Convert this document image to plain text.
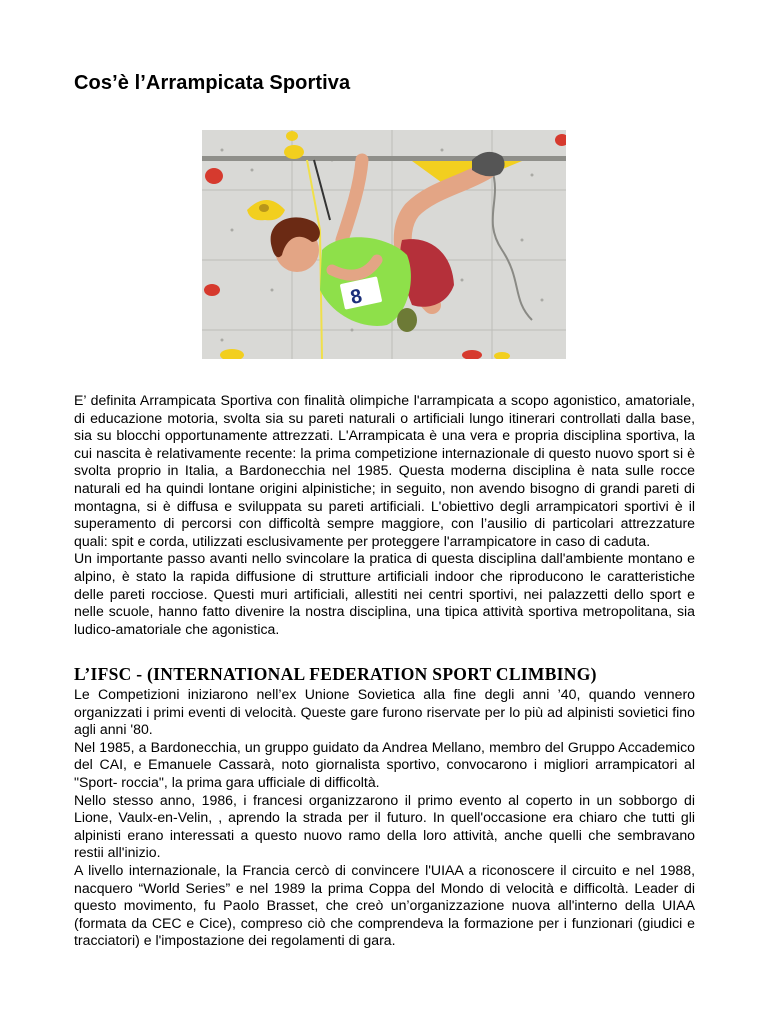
Cos’è l’Arrampicata Sportiva
8

E’ definita Arrampicata Sportiva con finalità olimpiche l'arrampicata a scopo agonistico, amatoriale, di educazione motoria, svolta sia su pareti naturali o artificiali lungo itinerari controllati dalla base, sia su blocchi opportunamente attrezzati. L'Arrampicata è una vera e propria disciplina sportiva, la cui nascita è relativamente recente: la prima competizione internazionale di questo nuovo sport si è svolta proprio in Italia, a Bardonecchia nel 1985. Questa moderna disciplina è nata sulle rocce naturali ed ha quindi lontane origini alpinistiche; in seguito, non avendo bisogno di grandi pareti di montagna, si è diffusa e sviluppata su pareti artificiali. L'obiettivo degli arrampicatori sportivi è il superamento di percorsi con difficoltà sempre maggiore, con l’ausilio di particolari attrezzature quali: spit e corda, utilizzati esclusivamente per proteggere l'arrampicatore in caso di caduta.

Un importante passo avanti nello svincolare la pratica di questa disciplina dall'ambiente montano e alpino, è stato la rapida diffusione di strutture artificiali indoor che riproducono le caratteristiche delle pareti rocciose. Questi muri artificiali, allestiti nei centri sportivi, nei palazzetti dello sport e nelle scuole, hanno fatto divenire la nostra disciplina, una tipica attività sportiva metropolitana, sia ludico-amatoriale che agonistica.

L’IFSC - (INTERNATIONAL FEDERATION SPORT CLIMBING)

Le Competizioni iniziarono nell’ex Unione Sovietica alla fine degli anni ’40, quando vennero organizzati i primi eventi di velocità. Queste gare furono riservate per lo più ad alpinisti sovietici fino agli anni '80.

Nel 1985, a Bardonecchia, un gruppo guidato da Andrea Mellano, membro del Gruppo Accademico del CAI, e Emanuele Cassarà, noto giornalista sportivo, convocarono i migliori arrampicatori al "Sport- roccia", la prima gara ufficiale di difficoltà.

Nello stesso anno, 1986, i francesi organizzarono il primo evento al coperto in un sobborgo di Lione, Vaulx-en-Velin, , aprendo la strada per il futuro. In quell'occasione era chiaro che tutti gli alpinisti erano interessati a questo nuovo ramo della loro attività, anche quelli che sembravano restii all'inizio.

A livello internazionale, la Francia cercò di convincere l'UIAA a riconoscere il circuito e nel 1988, nacquero “World Series” e nel 1989 la prima Coppa del Mondo di velocità e difficoltà. Leader di questo movimento, fu Paolo Brasset, che creò un’organizzazione nuova all'interno della UIAA (formata da CEC e Cice), compreso ciò che comprendeva la formazione per i funzionari (giudici e tracciatori) e l'impostazione dei regolamenti di gara.
